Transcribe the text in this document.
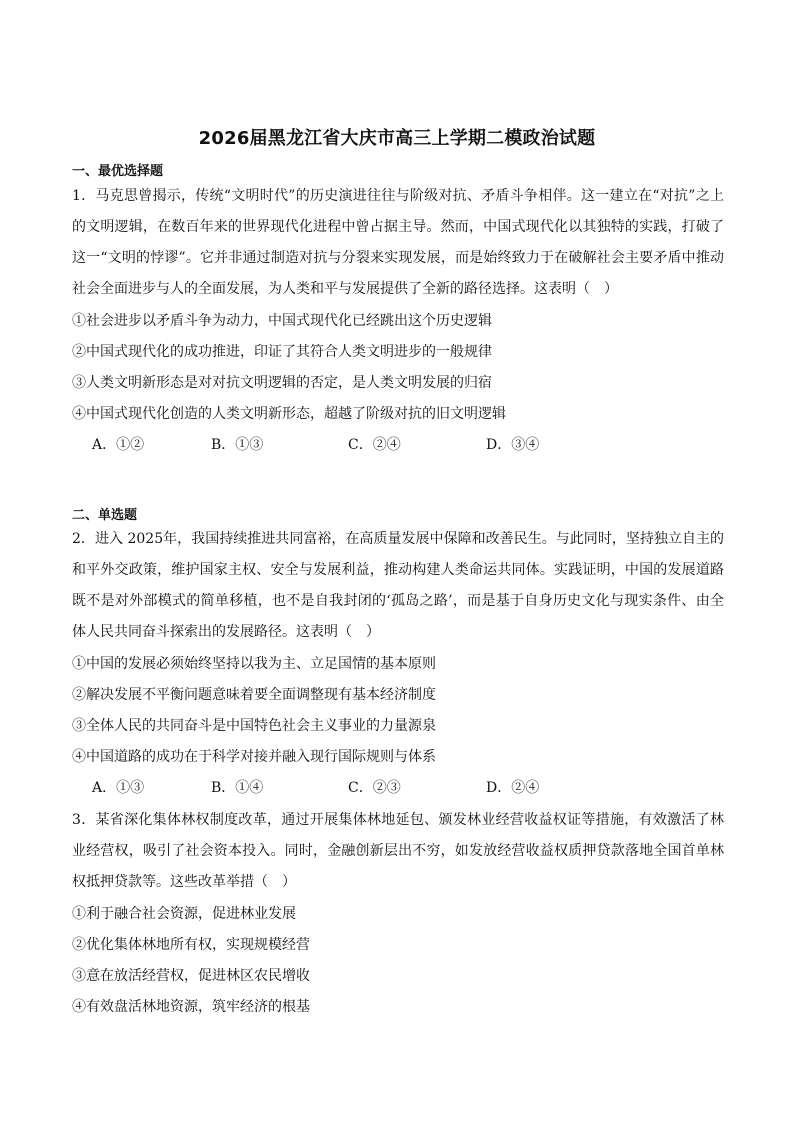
2026届黑龙江省大庆市高三上学期二模政治试题
一、最优选择题
1．马克思曾揭示，传统“文明时代”的历史演进往往与阶级对抗、矛盾斗争相伴。这一建立在“对抗”之上的文明逻辑，在数百年来的世界现代化进程中曾占据主导。然而，中国式现代化以其独特的实践，打破了这一“文明的悖谬”。它并非通过制造对抗与分裂来实现发展，而是始终致力于在破解社会主要矛盾中推动社会全面进步与人的全面发展，为人类和平与发展提供了全新的路径选择。这表明（　）
①社会进步以矛盾斗争为动力，中国式现代化已经跳出这个历史逻辑
②中国式现代化的成功推进，印证了其符合人类文明进步的一般规律
③人类文明新形态是对对抗文明逻辑的否定，是人类文明发展的归宿
④中国式现代化创造的人类文明新形态，超越了阶级对抗的旧文明逻辑
A．①②	B．①③	C．②④	D．③④
二、单选题
2．进入 2025年，我国持续推进共同富裕，在高质量发展中保障和改善民生。与此同时，坚持独立自主的和平外交政策，维护国家主权、安全与发展利益，推动构建人类命运共同体。实践证明，中国的发展道路既不是对外部模式的简单移植，也不是自我封闭的‘孤岛之路’，而是基于自身历史文化与现实条件、由全体人民共同奋斗探索出的发展路径。这表明（　）
①中国的发展必须始终坚持以我为主、立足国情的基本原则
②解决发展不平衡问题意味着要全面调整现有基本经济制度
③全体人民的共同奋斗是中国特色社会主义事业的力量源泉
④中国道路的成功在于科学对接并融入现行国际规则与体系
A．①③	B．①④	C．②③	D．②④
3．某省深化集体林权制度改革，通过开展集体林地延包、颁发林业经营收益权证等措施，有效激活了林业经营权，吸引了社会资本投入。同时，金融创新层出不穷，如发放经营收益权质押贷款落地全国首单林权抵押贷款等。这些改革举措（　）
①利于融合社会资源，促进林业发展
②优化集体林地所有权，实现规模经营
③意在放活经营权，促进林区农民增收
④有效盘活林地资源，筑牢经济的根基
